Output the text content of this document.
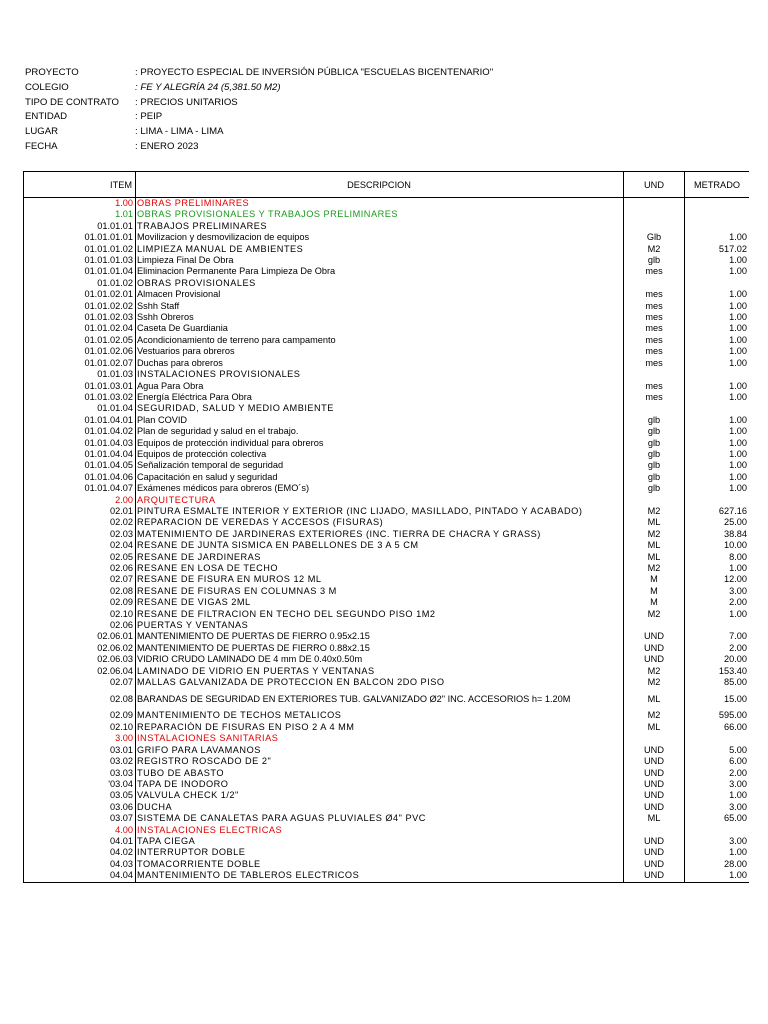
PROYECTO	: PROYECTO ESPECIAL DE INVERSIÓN PÚBLICA "ESCUELAS BICENTENARIO"
COLEGIO	: FE Y ALEGRÍA 24 (5,381.50 M2)
TIPO DE CONTRATO : PRECIOS UNITARIOS
ENTIDAD	: PEIP
LUGAR	: LIMA - LIMA - LIMA
FECHA	: ENERO 2023
ITEM	DESCRIPCION	UND	METRADO
1.00	OBRAS PRELIMINARES		
1.01	OBRAS PROVISIONALES Y TRABAJOS PRELIMINARES		
01.01.01	TRABAJOS PRELIMINARES		
01.01.01.01	Movilizacion y desmovilizacion de equipos	Glb	1.00
01.01.01.02	LIMPIEZA MANUAL DE AMBIENTES	M2	517.02
01.01.01.03	Limpieza Final De Obra	glb	1.00
01.01.01.04	Eliminacion Permanente Para Limpieza De Obra	mes	1.00
01.01.02	OBRAS PROVISIONALES		
01.01.02.01	Almacen Provisional	mes	1.00
01.01.02.02	Sshh Staff	mes	1.00
01.01.02.03	Sshh Obreros	mes	1.00
01.01.02.04	Caseta De Guardiania	mes	1.00
01.01.02.05	Acondicionamiento de terreno para campamento	mes	1.00
01.01.02.06	Vestuarios para obreros	mes	1.00
01.01.02.07	Duchas para obreros	mes	1.00
01.01.03	INSTALACIONES PROVISIONALES		
01.01.03.01	Agua Para Obra	mes	1.00
01.01.03.02	Energía Eléctrica Para Obra	mes	1.00
01.01.04	SEGURIDAD, SALUD Y MEDIO AMBIENTE		
01.01.04.01	Plan COVID	glb	1.00
01.01.04.02	Plan de seguridad y salud en el trabajo.	glb	1.00
01.01.04.03	Equipos de protección individual para obreros	glb	1.00
01.01.04.04	Equipos de protección colectiva	glb	1.00
01.01.04.05	Señalización temporal de seguridad	glb	1.00
01.01.04.06	Capacitación en salud y seguridad	glb	1.00
01.01.04.07	Exámenes médicos para obreros (EMO´s)	glb	1.00
2.00	ARQUITECTURA		
02.01	PINTURA ESMALTE INTERIOR Y EXTERIOR (INC LIJADO, MASILLADO, PINTADO Y ACABADO)	M2	627.16
02.02	REPARACION DE VEREDAS Y ACCESOS (FISURAS)	ML	25.00
02.03	MATENIMIENTO DE JARDINERAS EXTERIORES (INC. TIERRA DE CHACRA Y GRASS)	M2	38.84
02.04	RESANE DE JUNTA SISMICA EN PABELLONES DE 3 A 5 CM	ML	10.00
02.05	RESANE DE JARDINERAS	ML	8.00
02.06	RESANE EN LOSA DE TECHO	M2	1.00
02.07	RESANE DE FISURA EN MUROS 12 ML	M	12.00
02.08	RESANE DE FISURAS EN COLUMNAS 3 M	M	3.00
02.09	RESANE DE VIGAS 2ML	M	2.00
02.10	RESANE DE FILTRACION EN TECHO DEL SEGUNDO PISO 1M2	M2	1.00
02.06	PUERTAS Y VENTANAS		
02.06.01	MANTENIMIENTO DE PUERTAS DE FIERRO 0.95x2.15	UND	7.00
02.06.02	MANTENIMIENTO DE PUERTAS DE FIERRO 0.88x2.15	UND	2.00
02.06.03	VIDRIO CRUDO LAMINADO DE 4 mm DE 0.40x0.50m	UND	20.00
02.06.04	LAMINADO DE VIDRIO EN PUERTAS Y VENTANAS	M2	153.40
02.07	MALLAS GALVANIZADA DE PROTECCION EN BALCON 2DO PISO	M2	85.00
02.08	BARANDAS DE SEGURIDAD EN EXTERIORES TUB. GALVANIZADO Ø2" INC. ACCESORIOS h= 1.20M	ML	15.00
02.09	MANTENIMIENTO DE TECHOS METALICOS	M2	595.00
02.10	REPARACIÓN DE FISURAS EN PISO 2 A 4 MM	ML	66.00
3.00	INSTALACIONES SANITARIAS		
03.01	GRIFO PARA LAVAMANOS	UND	5.00
03.02	REGISTRO ROSCADO DE 2"	UND	6.00
03.03	TUBO DE ABASTO	UND	2.00
'03.04	TAPA DE INODORO	UND	3.00
03.05	VALVULA CHECK 1/2"	UND	1.00
03.06	DUCHA	UND	3.00
03.07	SISTEMA DE CANALETAS PARA AGUAS PLUVIALES Ø4" PVC	ML	65.00
4.00	INSTALACIONES ELECTRICAS		
04.01	TAPA CIEGA	UND	3.00
04.02	INTERRUPTOR DOBLE	UND	1.00
04.03	TOMACORRIENTE DOBLE	UND	28.00
04.04	MANTENIMIENTO DE TABLEROS ELECTRICOS	UND	1.00
